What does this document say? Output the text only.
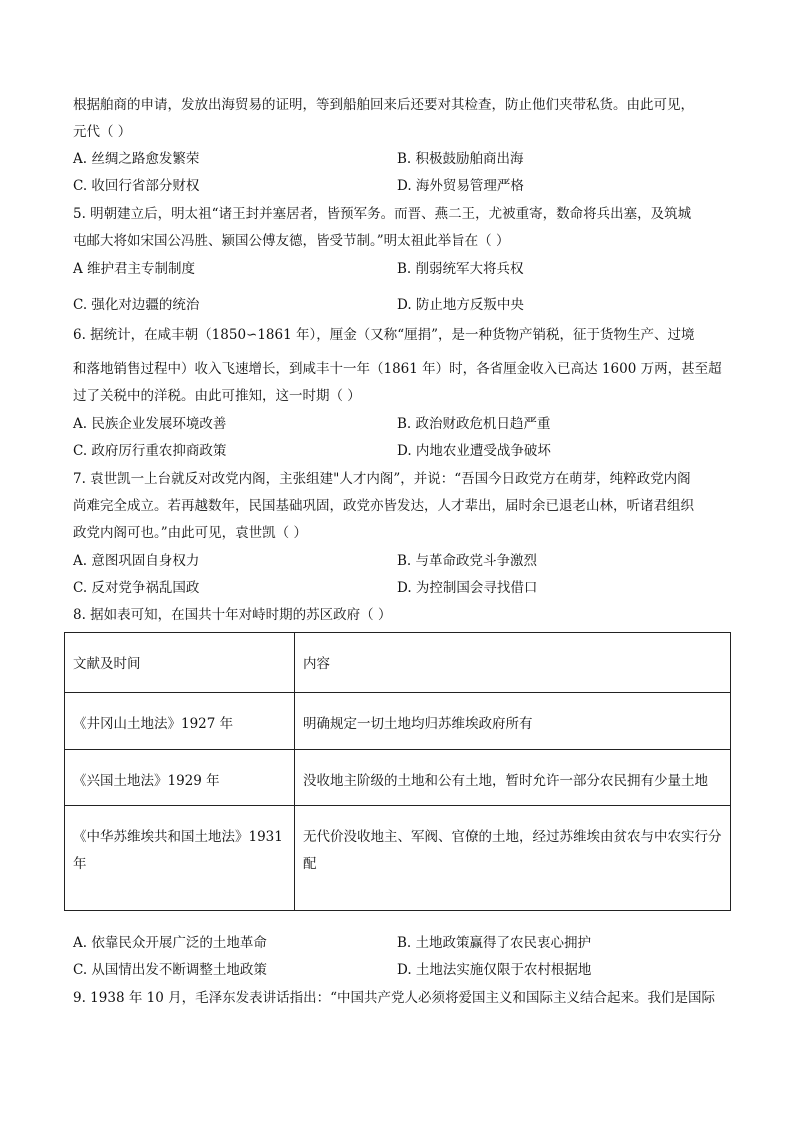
根据舶商的申请，发放出海贸易的证明，等到船舶回来后还要对其检查，防止他们夹带私货。由此可见，
元代（ ）
A. 丝绸之路愈发繁荣	B. 积极鼓励舶商出海
C. 收回行省部分财权	D. 海外贸易管理严格
5. 明朝建立后，明太祖“诸王封并塞居者，皆预军务。而晋、燕二王，尤被重寄，数命将兵出塞，及筑城
屯邮大将如宋国公冯胜、颍国公傅友德，皆受节制。”明太祖此举旨在（ ）
A 维护君主专制制度	B. 削弱统军大将兵权
C. 强化对边疆的统治	D. 防止地方反叛中央
6. 据统计，在咸丰朝（1850∽1861 年），厘金（又称“厘捐”，是一种货物产销税，征于货物生产、过境
和落地销售过程中）收入飞速增长，到咸丰十一年（1861 年）时，各省厘金收入已高达 1600 万两，甚至超
过了关税中的洋税。由此可推知，这一时期（ ）
A. 民族企业发展环境改善	B. 政治财政危机日趋严重
C. 政府厉行重农抑商政策	D. 内地农业遭受战争破坏
7. 袁世凯一上台就反对改党内阁，主张组建"人才内阁”，并说：“吾国今日政党方在萌芽，纯粹政党内阁
尚难完全成立。若再越数年，民国基础巩固，政党亦皆发达，人才辈出，届时余已退老山林，听诸君组织
政党内阁可也。”由此可见，袁世凯（ ）
A. 意图巩固自身权力	B. 与革命政党斗争激烈
C. 反对党争祸乱国政	D. 为控制国会寻找借口
8. 据如表可知，在国共十年对峙时期的苏区政府（ ）
文献及时间	内容
《井冈山土地法》1927 年	明确规定一切土地均归苏维埃政府所有
《兴国土地法》1929 年	没收地主阶级的土地和公有土地，暂时允许一部分农民拥有少量土地
《中华苏维埃共和国土地法》1931 年	无代价没收地主、军阀、官僚的土地，经过苏维埃由贫农与中农实行分配
A. 依靠民众开展广泛的土地革命	B. 土地政策赢得了农民衷心拥护
C. 从国情出发不断调整土地政策	D. 土地法实施仅限于农村根据地
9. 1938 年 10 月，毛泽东发表讲话指出：“中国共产党人必须将爱国主义和国际主义结合起来。我们是国际
